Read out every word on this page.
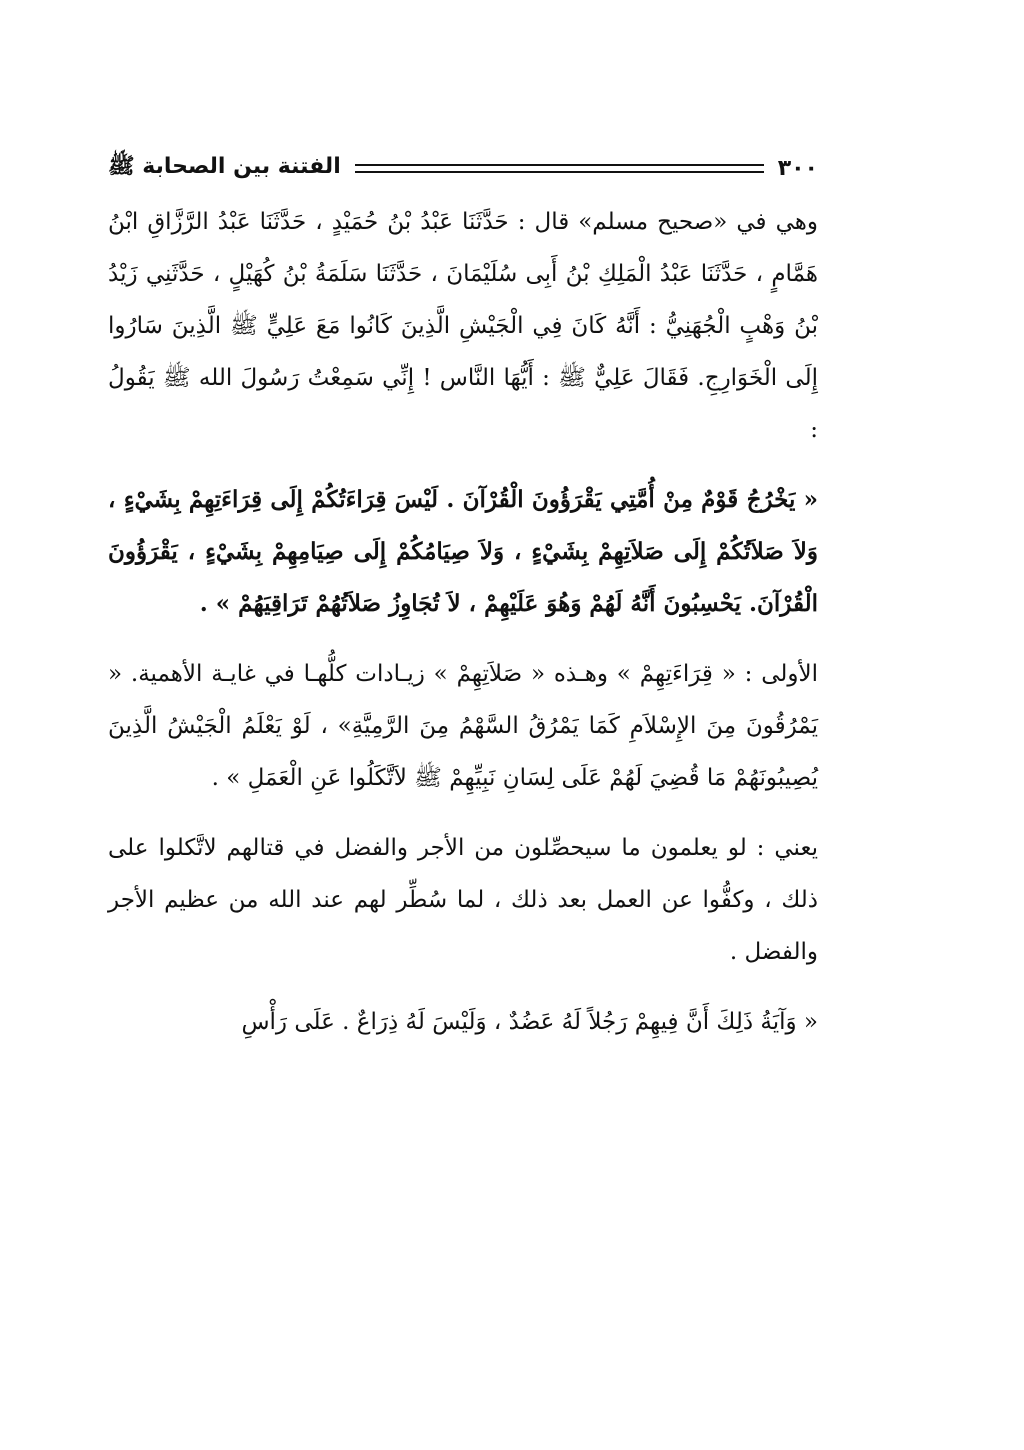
٣٠٠
الفتنة بين الصحابة ﷺ

وهي في «صحيح مسلم» قال : حَدَّثَنَا عَبْدُ بْنُ حُمَيْدٍ ، حَدَّثَنَا عَبْدُ الرَّزَّاقِ ابْنُ هَمَّامٍ ، حَدَّثَنَا عَبْدُ الْمَلِكِ بْنُ أَبِى سُلَيْمَانَ ، حَدَّثَنَا سَلَمَةُ بْنُ كُهَيْلٍ ، حَدَّثَنِي زَيْدُ بْنُ وَهْبٍ الْجُهَنِيُّ : أَنَّهُ كَانَ فِي الْجَيْشِ الَّذِينَ كَانُوا مَعَ عَلِيٍّ ﷺ الَّذِينَ سَارُوا إِلَى الْخَوَارِجِ. فَقَالَ عَلِيٌّ ﷺ : أَيُّهَا النَّاس ! إِنِّي سَمِعْتُ رَسُولَ الله ﷺ يَقُولُ :

« يَخْرُجُ قَوْمٌ مِنْ أُمَّتِي يَقْرَؤُونَ الْقُرْآنَ . لَيْسَ قِرَاءَتُكُمْ إِلَى قِرَاءَتِهِمْ بِشَيْءٍ ، وَلاَ صَلاَتُكُمْ إِلَى صَلاَتِهِمْ بِشَيْءٍ ، وَلاَ صِيَامُكُمْ إِلَى صِيَامِهِمْ بِشَيْءٍ ، يَقْرَؤُونَ الْقُرْآنَ. يَحْسِبُونَ أَنَّهُ لَهُمْ وَهُوَ عَلَيْهِمْ ، لاَ تُجَاوِزُ صَلاَتُهُمْ تَرَاقِيَهُمْ » .

الأولى : « قِرَاءَتِهِمْ » وهـذه « صَلاَتِهِمْ » زيـادات كلُّهـا في غايـة الأهمية. « يَمْرُقُونَ مِنَ الإِسْلاَمِ كَمَا يَمْرُقُ السَّهْمُ مِنَ الرَّمِيَّةِ» ، لَوْ يَعْلَمُ الْجَيْشُ الَّذِينَ يُصِيبُونَهُمْ مَا قُضِيَ لَهُمْ عَلَى لِسَانِ نَبِيِّهِمْ ﷺ لاَتَّكَلُوا عَنِ الْعَمَلِ » .

يعني : لو يعلمون ما سيحصِّلون من الأجر والفضل في قتالهم لاتَّكلوا على ذلك ، وكفُّوا عن العمل بعد ذلك ، لما سُطِّر لهم عند الله من عظيم الأجر والفضل .

« وَآيَةُ ذَلِكَ أَنَّ فِيهِمْ رَجُلاً لَهُ عَضُدٌ ، وَلَيْسَ لَهُ ذِرَاعٌ . عَلَى رَأْسِ
